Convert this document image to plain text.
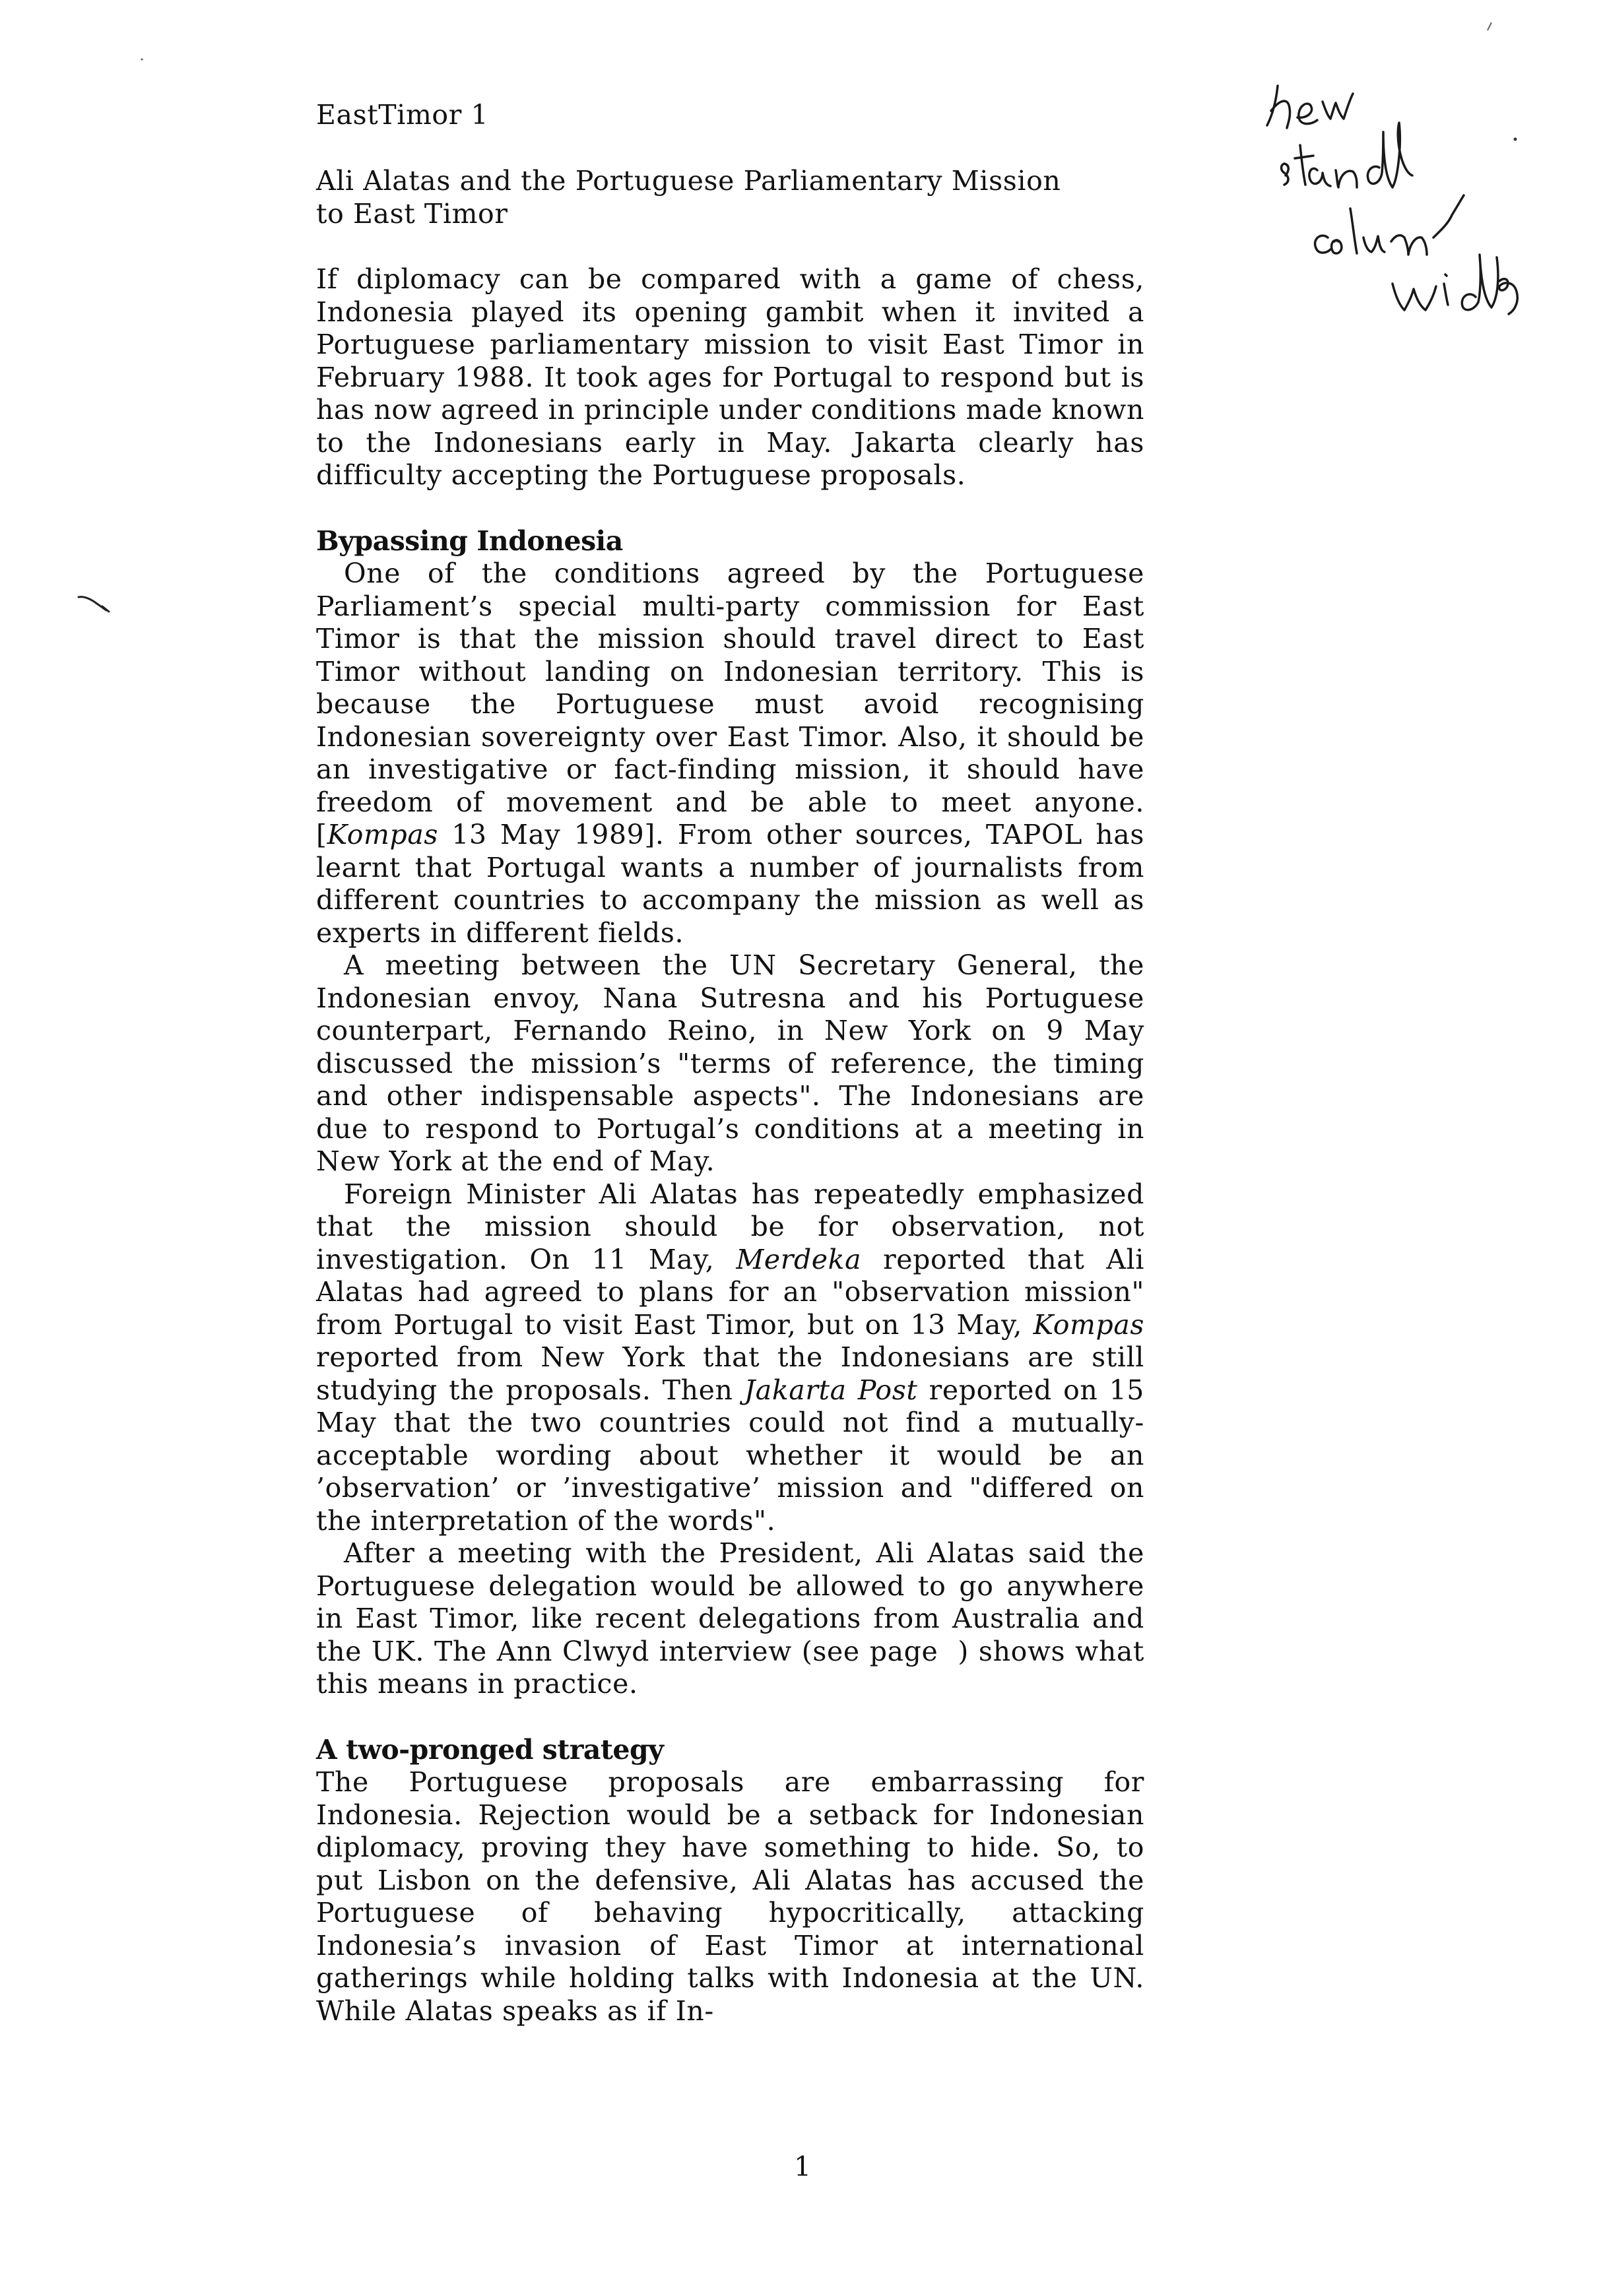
EastTimor 1

Ali Alatas and the Portuguese Parliamentary Mission
to East Timor

If diplomacy can be compared with a game of chess, Indonesia played its opening gambit when it invited a Portuguese parliamentary mission to visit East Timor in February 1988. It took ages for Portugal to respond but is has now agreed in principle under conditions made known to the Indonesians early in May. Jakarta clearly has difficulty accepting the Portuguese proposals.

Bypassing Indonesia

One of the conditions agreed by the Portuguese Parliament’s special multi-party commission for East Timor is that the mission should travel direct to East Timor without landing on Indonesian territory. This is because the Portuguese must avoid recognising Indonesian sovereignty over East Timor. Also, it should be an investigative or fact-finding mission, it should have freedom of movement and be able to meet anyone. [Kompas 13 May 1989]. From other sources, TAPOL has learnt that Portugal wants a number of journalists from different countries to accompany the mission as well as experts in different fields.

A meeting between the UN Secretary General, the Indonesian envoy, Nana Sutresna and his Portuguese counterpart, Fernando Reino, in New York on 9 May discussed the mission’s "terms of reference, the timing and other indispensable aspects". The Indonesians are due to respond to Portugal’s conditions at a meeting in New York at the end of May.

Foreign Minister Ali Alatas has repeatedly emphasized that the mission should be for observation, not investigation. On 11 May, Merdeka reported that Ali Alatas had agreed to plans for an "observation mission" from Portugal to visit East Timor, but on 13 May, Kompas reported from New York that the Indonesians are still studying the proposals. Then Jakarta Post reported on 15 May that the two countries could not find a mutually-acceptable wording about whether it would be an ’observation’ or ’investigative’ mission and "differed on the interpretation of the words".

After a meeting with the President, Ali Alatas said the Portuguese delegation would be allowed to go anywhere in East Timor, like recent delegations from Australia and the UK. The Ann Clwyd interview (see page  ) shows what this means in practice.

A two-pronged strategy

The Portuguese proposals are embarrassing for Indonesia. Rejection would be a setback for Indonesian diplomacy, proving they have something to hide. So, to put Lisbon on the defensive, Ali Alatas has accused the Portuguese of behaving hypocritically, attacking Indonesia’s invasion of East Timor at international gatherings while holding talks with Indonesia at the UN. While Alatas speaks as if In-

1
